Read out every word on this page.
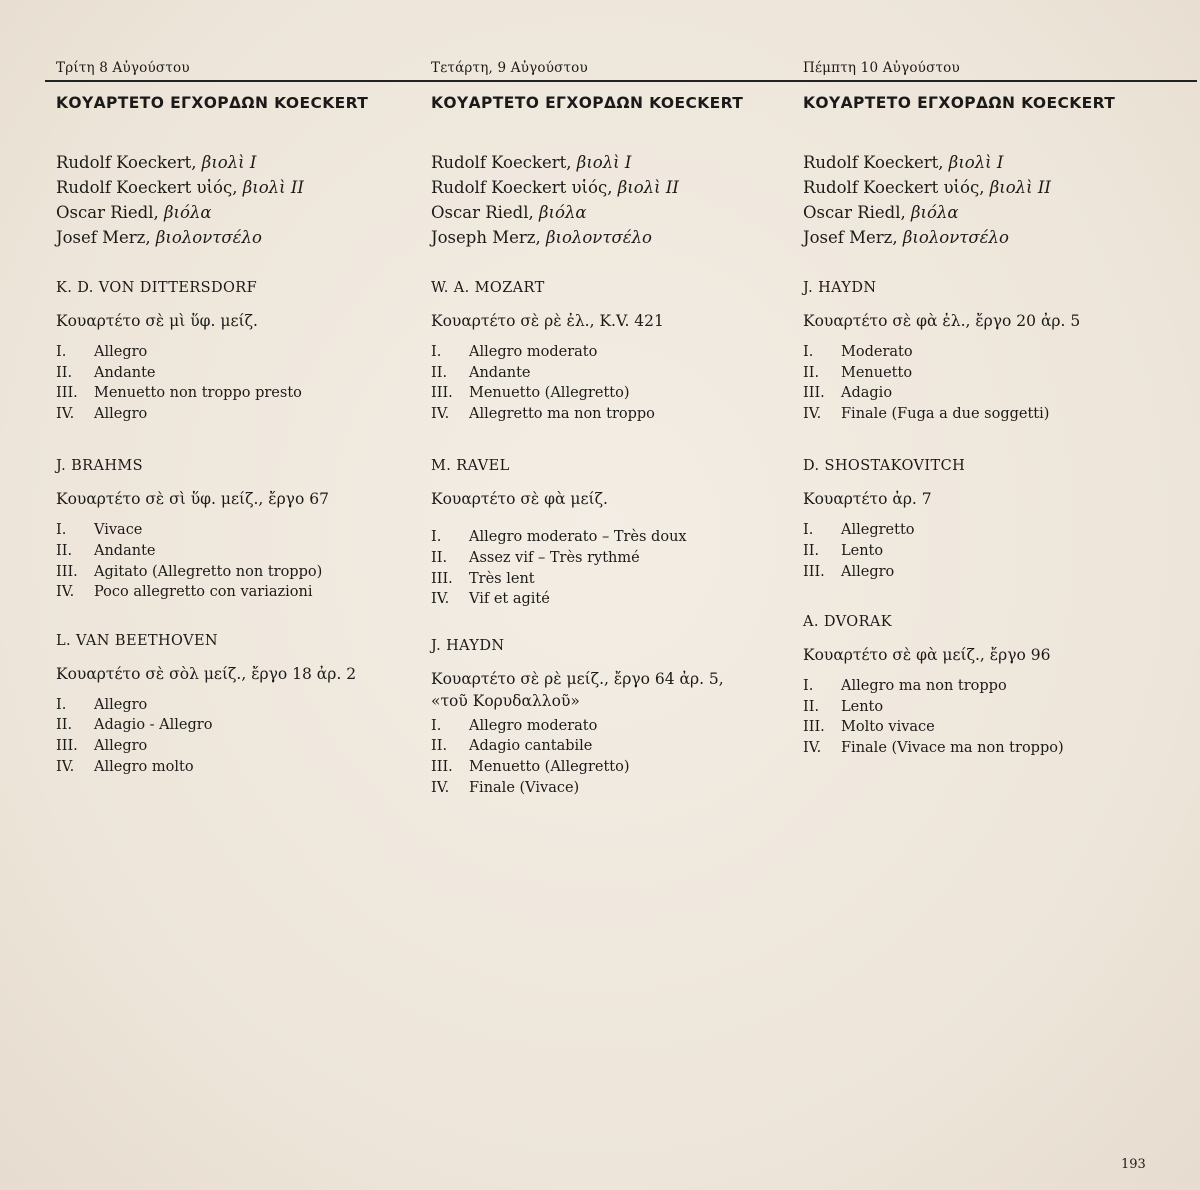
Τρίτη 8 Αὐγούστου	Τετάρτη, 9 Αὐγούστου	Πέμπτη 10 Αὐγούστου
ΚΟΥΑΡΤΕΤΟ ΕΓΧΟΡΔΩΝ KOECKERT
Rudolf Koeckert, βιολὶ I
Rudolf Koeckert υἱός, βιολὶ II
Oscar Riedl, βιόλα
Josef Merz, βιολοντσέλο
K. D. VON DITTERSDORF
Κουαρτέτο σὲ μὶ ὕφ. μείζ.
I. Allegro
II. Andante
III. Menuetto non troppo presto
IV. Allegro
J. BRAHMS
Κουαρτέτο σὲ σὶ ὕφ. μείζ., ἔργο 67
I. Vivace
II. Andante
III. Agitato (Allegretto non troppo)
IV. Poco allegretto con variazioni
L. VAN BEETHOVEN
Κουαρτέτο σὲ σὸλ μείζ., ἔργο 18 ἀρ. 2
I. Allegro
II. Adagio - Allegro
III. Allegro
IV. Allegro molto
ΚΟΥΑΡΤΕΤΟ ΕΓΧΟΡΔΩΝ KOECKERT
Rudolf Koeckert, βιολὶ I
Rudolf Koeckert υἱός, βιολὶ II
Oscar Riedl, βιόλα
Joseph Merz, βιολοντσέλο
W. A. MOZART
Κουαρτέτο σὲ ρὲ ἐλ., K.V. 421
I. Allegro moderato
II. Andante
III. Menuetto (Allegretto)
IV. Allegretto ma non troppo
M. RAVEL
Κουαρτέτο σὲ φὰ μείζ.
I. Allegro moderato – Très doux
II. Assez vif – Très rythmé
III. Très lent
IV. Vif et agité
J. HAYDN
Κουαρτέτο σὲ ρὲ μείζ., ἔργο 64 ἀρ. 5,
«τοῦ Κορυδαλλοῦ»
I. Allegro moderato
II. Adagio cantabile
III. Menuetto (Allegretto)
IV. Finale (Vivace)
ΚΟΥΑΡΤΕΤΟ ΕΓΧΟΡΔΩΝ KOECKERT
Rudolf Koeckert, βιολὶ I
Rudolf Koeckert υἱός, βιολὶ II
Oscar Riedl, βιόλα
Josef Merz, βιολοντσέλο
J. HAYDN
Κουαρτέτο σὲ φὰ ἐλ., ἔργο 20 ἀρ. 5
I. Moderato
II. Menuetto
III. Adagio
IV. Finale (Fuga a due soggetti)
D. SHOSTAKOVITCH
Κουαρτέτο ἀρ. 7
I. Allegretto
II. Lento
III. Allegro
A. DVORAK
Κουαρτέτο σὲ φὰ μείζ., ἔργο 96
I. Allegro ma non troppo
II. Lento
III. Molto vivace
IV. Finale (Vivace ma non troppo)
193
